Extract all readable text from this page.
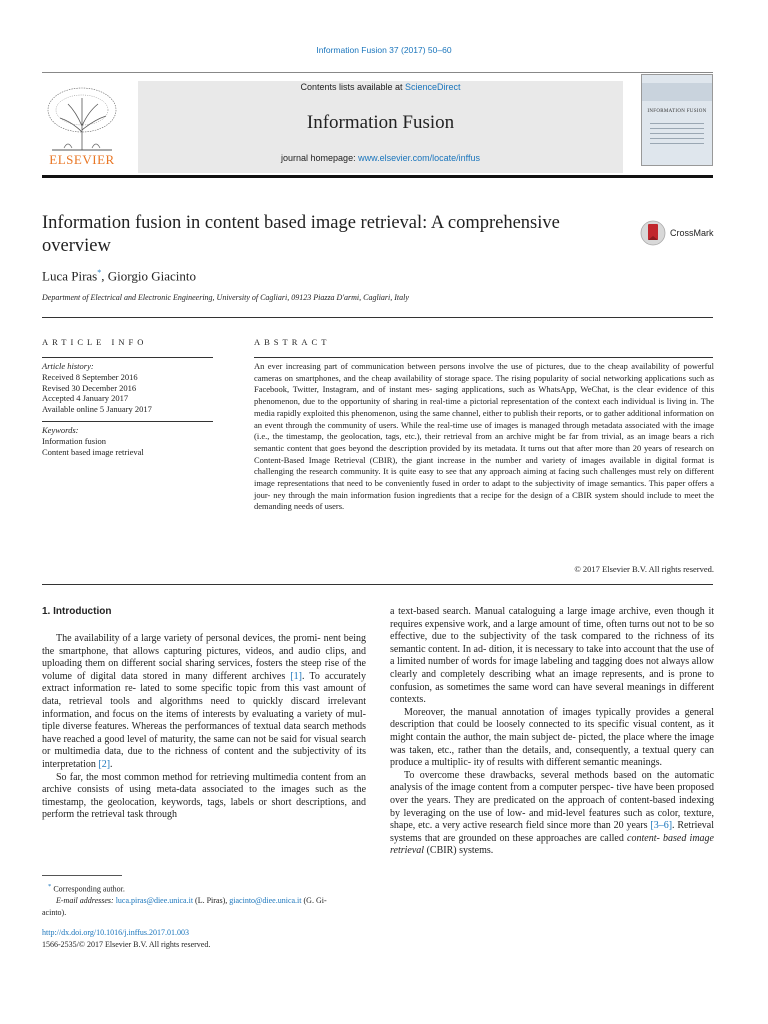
Information Fusion 37 (2017) 50–60
ELSEVIER
Contents lists available at ScienceDirect
Information Fusion
journal homepage: www.elsevier.com/locate/inffus
INFORMATION FUSION
Information fusion in content based image retrieval: A comprehensive
overview
CrossMark
Luca Piras*, Giorgio Giacinto
Department of Electrical and Electronic Engineering, University of Cagliari, 09123 Piazza D'armi, Cagliari, Italy
ARTICLE INFO	ABSTRACT
Article history:
Received 8 September 2016
Revised 30 December 2016
Accepted 4 January 2017
Available online 5 January 2017
Keywords:
Information fusion
Content based image retrieval
An ever increasing part of communication between persons involve the use of pictures, due to the cheap availability of powerful cameras on smartphones, and the cheap availability of storage space. The rising popularity of social networking applications such as Facebook, Twitter, Instagram, and of instant mes- saging applications, such as WhatsApp, WeChat, is the clear evidence of this phenomenon, due to the opportunity of sharing in real-time a pictorial representation of the context each individual is living in. The media rapidly exploited this phenomenon, using the same channel, either to publish their reports, or to gather additional information on an event through the community of users. While the real-time use of images is managed through metadata associated with the image (i.e., the timestamp, the geolocation, tags, etc.), their retrieval from an archive might be far from trivial, as an image bears a rich semantic content that goes beyond the description provided by its metadata. It turns out that after more than 20 years of research on Content-Based Image Retrieval (CBIR), the giant increase in the number and variety of images available in digital format is challenging the research community. It is quite easy to see that any approach aiming at facing such challenges must rely on different image representations that need to be conveniently fused in order to adapt to the subjectivity of image semantics. This paper offers a jour- ney through the main information fusion ingredients that a recipe for the design of a CBIR system should include to meet the demanding needs of users.
© 2017 Elsevier B.V. All rights reserved.
1. Introduction

The availability of a large variety of personal devices, the promi- nent being the smartphone, that allows capturing pictures, videos, and audio clips, and uploading them on different social sharing services, fosters the steep rise of the volume of digital data stored in many different archives [1]. To accurately extract information re- lated to some specific topic from this vast amount of data, retrieval tools and algorithms need to quickly discard irrelevant information, and focus on the items of interests by evaluating a variety of mul- tiple diverse features. Whereas the performances of textual data search methods have reached a good level of maturity, the same can not be said for visual search or multimedia data, due to the richness of content and the subjectivity of its interpretation [2].

So far, the most common method for retrieving multimedia content from an archive consists of using meta-data associated to the images such as the timestamp, the geolocation, keywords, tags, labels or short descriptions, and perform the retrieval task through

a text-based search. Manual cataloguing a large image archive, even though it requires expensive work, and a large amount of time, often turns out not to be so effective, due to the subjectivity of the task compared to the richness of its semantic content. In ad- dition, it is necessary to take into account that the use of a limited number of words for image labeling and tagging does not always allow clearly and completely describing what an image represents, and is prone to confusion, as sometimes the same word can have several meanings in different contexts.

Moreover, the manual annotation of images typically provides a general description that could be loosely connected to its specific visual content, as it might contain the author, the main subject de- picted, the place where the image was taken, etc., rather than the details, and, consequently, a textual query can produce a multiplic- ity of results with different semantic meanings.

To overcome these drawbacks, several methods based on the automatic analysis of the image content from a computer perspec- tive have been proposed over the years. They are predicated on the approach of content-based indexing by leveraging on the use of low- and mid-level features such as color, texture, shape, etc. a very active research field since more than 20 years [3–6]. Retrieval systems that are grounded on these approaches are called content- based image retrieval (CBIR) systems.

* Corresponding author.
E-mail addresses: luca.piras@diee.unica.it (L. Piras), giacinto@diee.unica.it (G. Gi-
acinto).
http://dx.doi.org/10.1016/j.inffus.2017.01.003
1566-2535/© 2017 Elsevier B.V. All rights reserved.
